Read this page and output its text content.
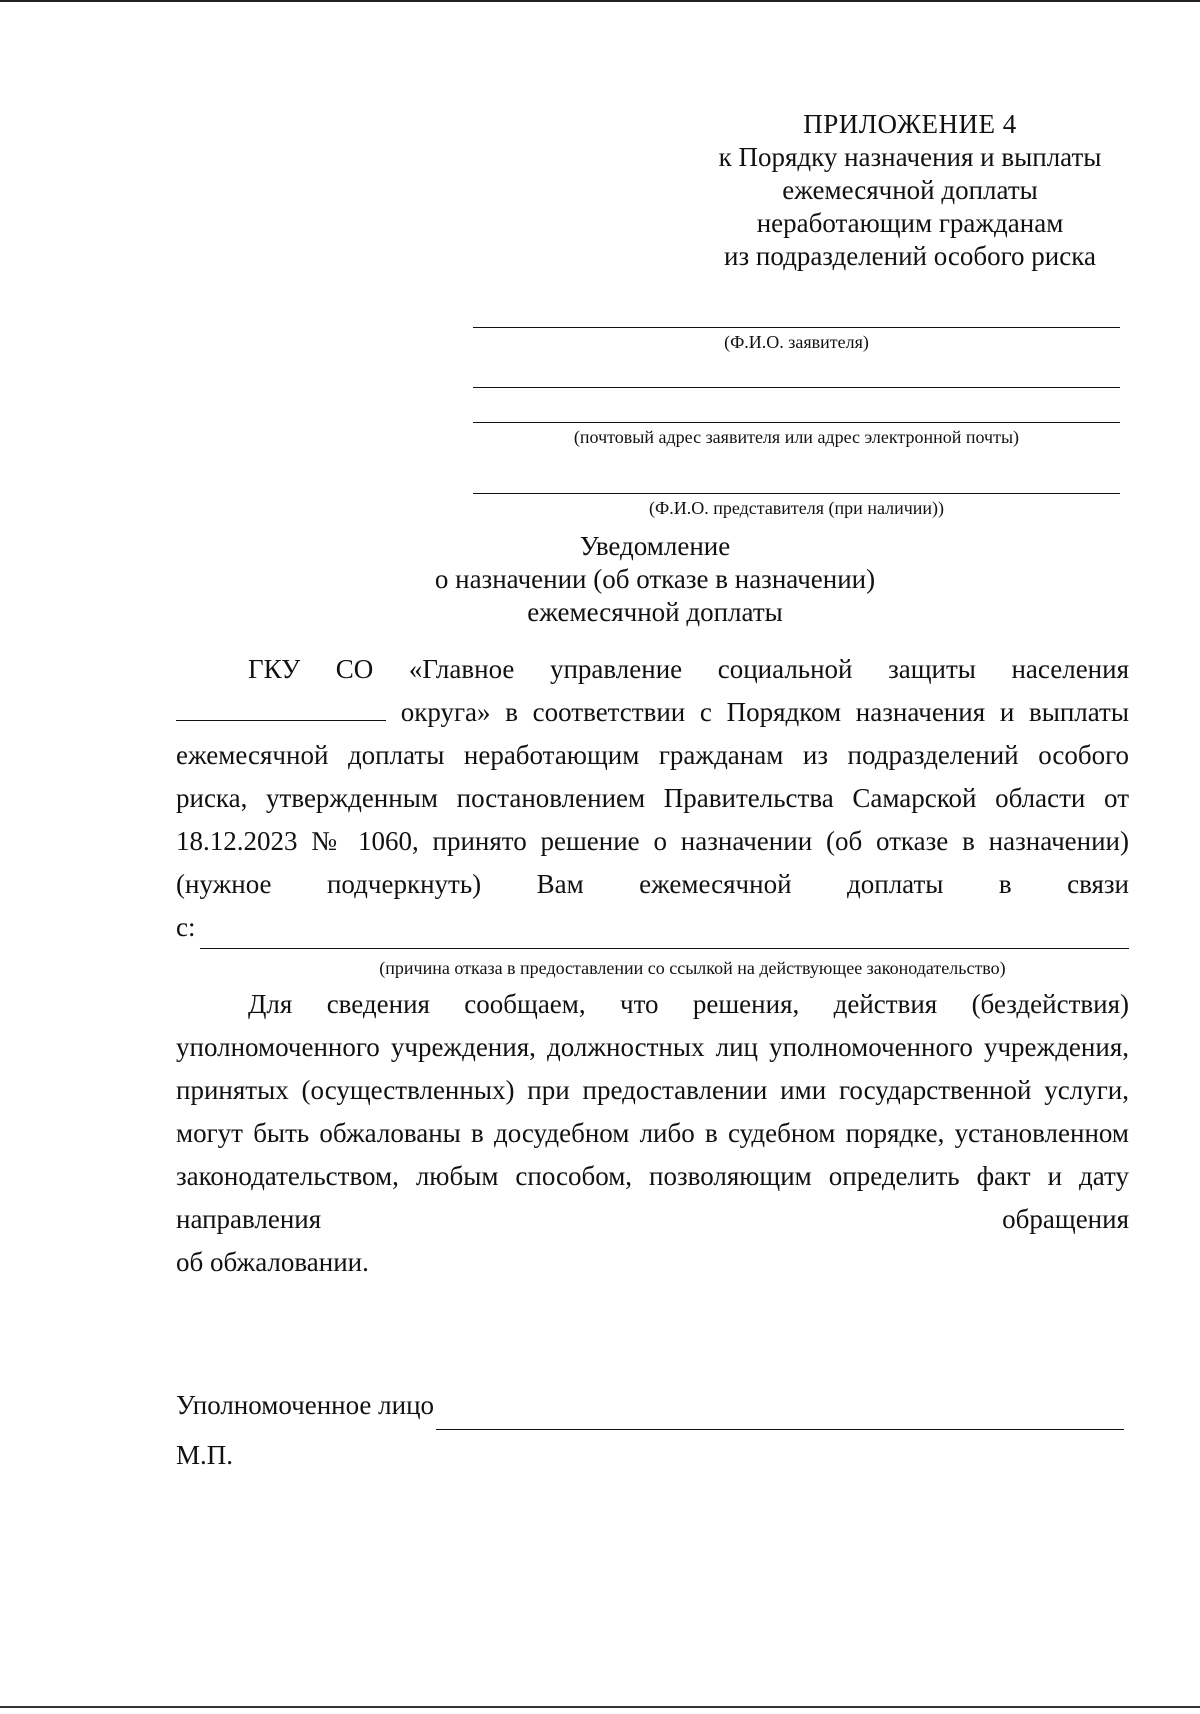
ПРИЛОЖЕНИЕ 4
к Порядку назначения и выплаты
ежемесячной доплаты
неработающим гражданам
из подразделений особого риска
(Ф.И.О. заявителя)
(почтовый адрес заявителя или адрес электронной почты)
(Ф.И.О. представителя (при наличии))
Уведомление
о назначении (об отказе в назначении)
ежемесячной доплаты

ГКУ СО «Главное управление социальной защиты населения  округа» в соответствии с Порядком назначения и выплаты ежемесячной доплаты неработающим гражданам из подразделений особого риска, утвержденным постановлением Правительства Самарской области от 18.12.2023 № 1060, принято решение о назначении (об отказе в назначении) (нужное подчеркнуть) Вам ежемесячной доплаты в связи

с:
(причина отказа в предоставлении со ссылкой на действующее законодательство)

Для сведения сообщаем, что решения, действия (бездействия) уполномоченного учреждения, должностных лиц уполномоченного учреждения, принятых (осуществленных) при предоставлении ими государственной услуги, могут быть обжалованы в досудебном либо в судебном порядке, установленном законодательством, любым способом, позволяющим определить факт и дату направления обращения

об обжаловании.
Уполномоченное лицо
М.П.
